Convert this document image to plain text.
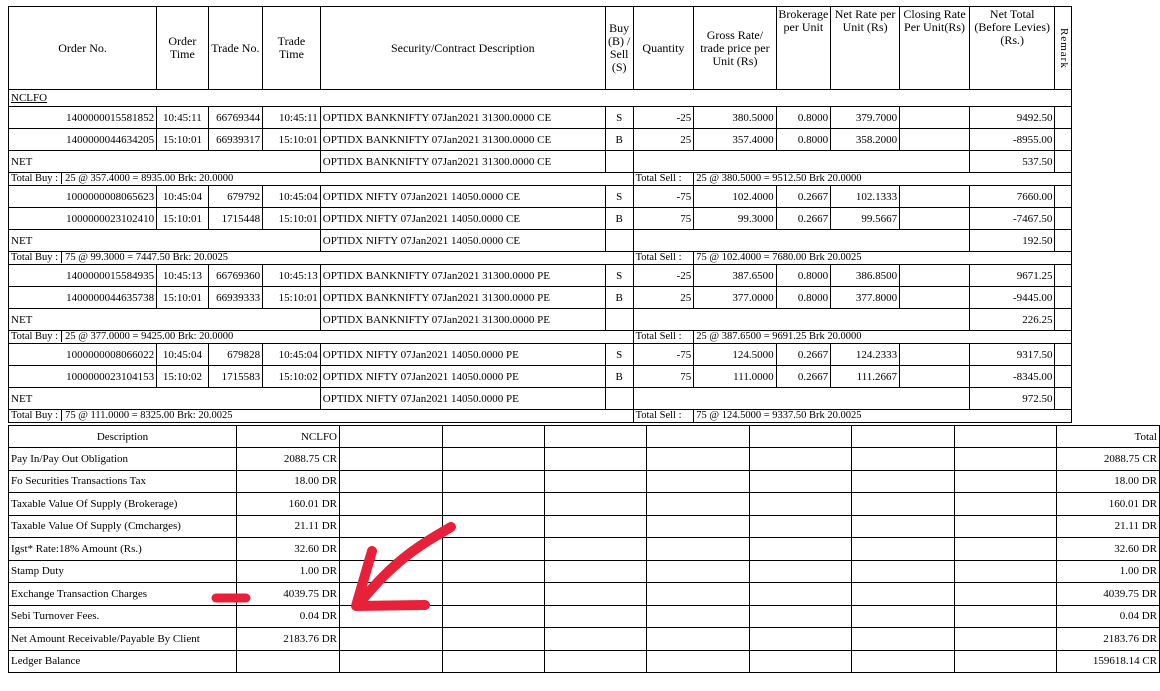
Order No.	Order Time	Trade No.	Trade Time	Security/Contract Description	Buy (B) / Sell (S)	Quantity	Gross Rate/ trade price per Unit (Rs)	Brokerage per Unit	Net Rate per Unit (Rs)	Closing Rate Per Unit(Rs)	Net Total (Before Levies)(Rs.)	Remark
NCLFO												
1400000015581852	10:45:11	66769344	10:45:11	OPTIDX BANKNIFTY 07Jan2021 31300.0000 CE	S	-25	380.5000	0.8000	379.7000		9492.50	
1400000044634205	15:10:01	66939317	15:10:01	OPTIDX BANKNIFTY 07Jan2021 31300.0000 CE	B	25	357.4000	0.8000	358.2000		-8955.00	
NET				OPTIDX BANKNIFTY 07Jan2021 31300.0000 CE							537.50	
Total Buy : 25 @ 357.4000 = 8935.00 Brk: 20.0000						Total Sell :	25 @ 380.5000 = 9512.50 Brk 20.0000					
1000000008065623	10:45:04	679792	10:45:04	OPTIDX NIFTY 07Jan2021 14050.0000 CE	S	-75	102.4000	0.2667	102.1333		7660.00	
1000000023102410	15:10:01	1715448	15:10:01	OPTIDX NIFTY 07Jan2021 14050.0000 CE	B	75	99.3000	0.2667	99.5667		-7467.50	
NET				OPTIDX NIFTY 07Jan2021 14050.0000 CE							192.50	
Total Buy : 75 @ 99.3000 = 7447.50 Brk: 20.0025						Total Sell :	75 @ 102.4000 = 7680.00 Brk 20.0025					
1400000015584935	10:45:13	66769360	10:45:13	OPTIDX BANKNIFTY 07Jan2021 31300.0000 PE	S	-25	387.6500	0.8000	386.8500		9671.25	
1400000044635738	15:10:01	66939333	15:10:01	OPTIDX BANKNIFTY 07Jan2021 31300.0000 PE	B	25	377.0000	0.8000	377.8000		-9445.00	
NET				OPTIDX BANKNIFTY 07Jan2021 31300.0000 PE							226.25	
Total Buy : 25 @ 377.0000 = 9425.00 Brk: 20.0000						Total Sell :	25 @ 387.6500 = 9691.25 Brk 20.0000					
1000000008066022	10:45:04	679828	10:45:04	OPTIDX NIFTY 07Jan2021 14050.0000 PE	S	-75	124.5000	0.2667	124.2333		9317.50	
1000000023104153	15:10:02	1715583	15:10:02	OPTIDX NIFTY 07Jan2021 14050.0000 PE	B	75	111.0000	0.2667	111.2667		-8345.00	
NET				OPTIDX NIFTY 07Jan2021 14050.0000 PE							972.50	
Total Buy : 75 @ 111.0000 = 8325.00 Brk: 20.0025						Total Sell :	75 @ 124.5000 = 9337.50 Brk 20.0025					
Description	NCLFO								Total
Pay In/Pay Out Obligation	2088.75 CR								2088.75 CR
Fo Securities Transactions Tax	18.00 DR								18.00 DR
Taxable Value Of Supply (Brokerage)	160.01 DR								160.01 DR
Taxable Value Of Supply (Cmcharges)	21.11 DR								21.11 DR
Igst* Rate:18% Amount (Rs.)	32.60 DR								32.60 DR
Stamp Duty	1.00 DR								1.00 DR
Exchange Transaction Charges	4039.75 DR								4039.75 DR
Sebi Turnover Fees.	0.04 DR								0.04 DR
Net Amount Receivable/Payable By Client	2183.76 DR								2183.76 DR
Ledger Balance									159618.14 CR
